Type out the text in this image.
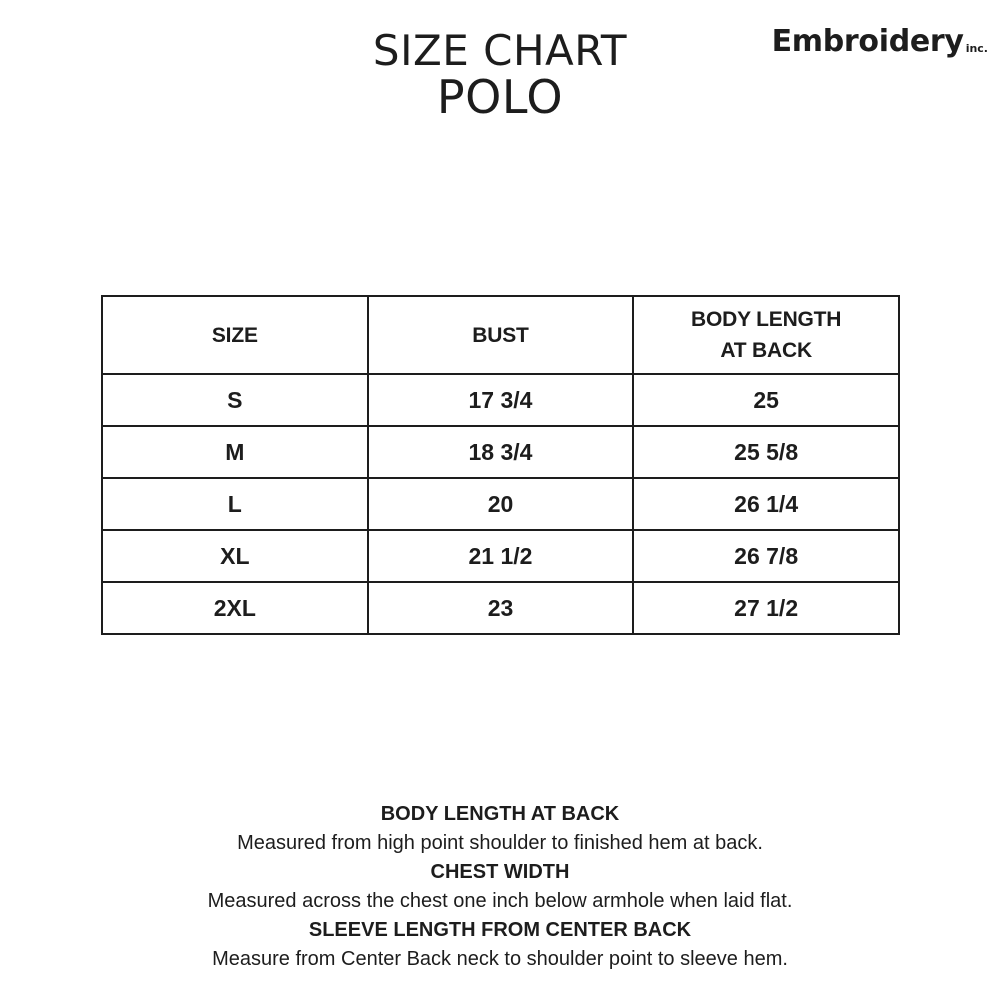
SIZE CHART
POLO
Embroidery inc.
SIZE	BUST	BODY LENGTH AT BACK
S	17 3/4	25
M	18 3/4	25 5/8
L	20	26 1/4
XL	21 1/2	26 7/8
2XL	23	27 1/2
BODY LENGTH AT BACK
Measured from high point shoulder to finished hem at back.
CHEST WIDTH
Measured across the chest one inch below armhole when laid flat.
SLEEVE LENGTH FROM CENTER BACK
Measure from Center Back neck to shoulder point to sleeve hem.
